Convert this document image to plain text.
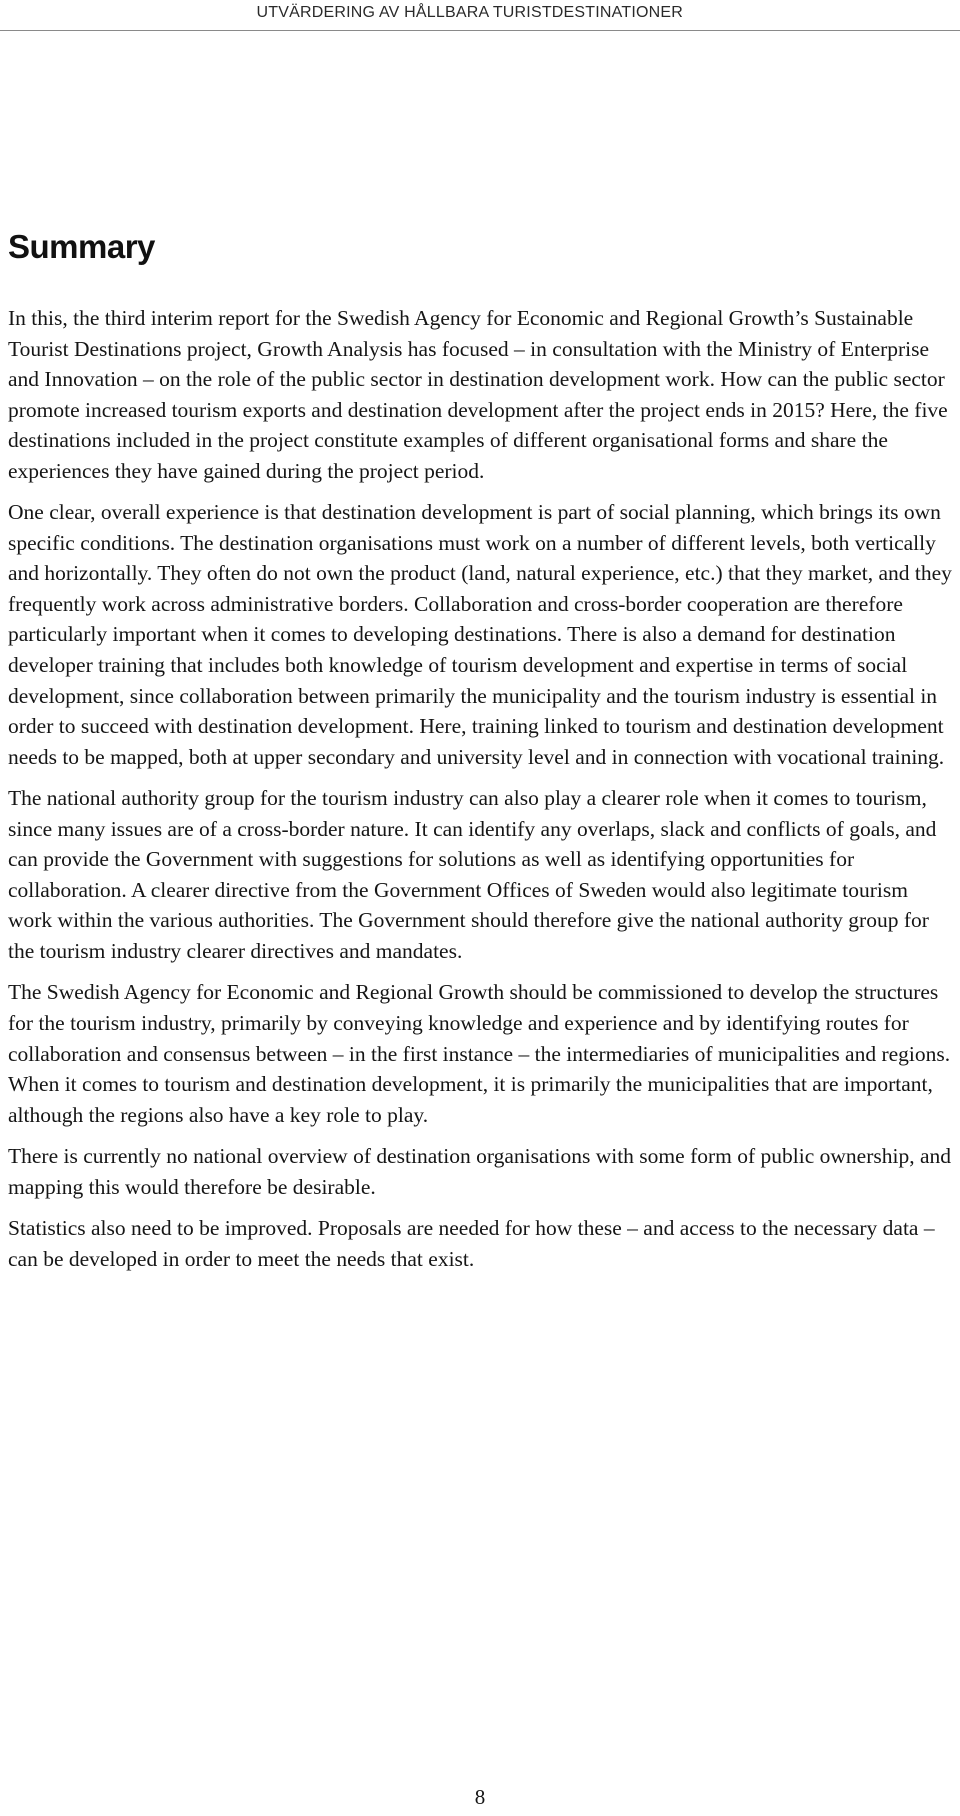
UTVÄRDERING AV HÅLLBARA TURISTDESTINATIONER
Summary

In this, the third interim report for the Swedish Agency for Economic and Regional Growth’s Sustainable Tourist Destinations project, Growth Analysis has focused – in consultation with the Ministry of Enterprise and Innovation – on the role of the public sector in destination development work. How can the public sector promote increased tourism exports and destination development after the project ends in 2015? Here, the five destinations included in the project constitute examples of different organisational forms and share the experiences they have gained during the project period.

One clear, overall experience is that destination development is part of social planning, which brings its own specific conditions. The destination organisations must work on a number of different levels, both vertically and horizontally. They often do not own the product (land, natural experience, etc.) that they market, and they frequently work across administrative borders. Collaboration and cross-border cooperation are therefore particularly important when it comes to developing destinations. There is also a demand for destination developer training that includes both knowledge of tourism development and expertise in terms of social development, since collaboration between primarily the municipality and the tourism industry is essential in order to succeed with destination development. Here, training linked to tourism and destination development needs to be mapped, both at upper secondary and university level and in connection with vocational training.

The national authority group for the tourism industry can also play a clearer role when it comes to tourism, since many issues are of a cross-border nature. It can identify any overlaps, slack and conflicts of goals, and can provide the Government with suggestions for solutions as well as identifying opportunities for collaboration. A clearer directive from the Government Offices of Sweden would also legitimate tourism work within the various authorities. The Government should therefore give the national authority group for the tourism industry clearer directives and mandates.

The Swedish Agency for Economic and Regional Growth should be commissioned to develop the structures for the tourism industry, primarily by conveying knowledge and experience and by identifying routes for collaboration and consensus between – in the first instance – the intermediaries of municipalities and regions. When it comes to tourism and destination development, it is primarily the municipalities that are important, although the regions also have a key role to play.

There is currently no national overview of destination organisations with some form of public ownership, and mapping this would therefore be desirable.

Statistics also need to be improved. Proposals are needed for how these – and access to the necessary data – can be developed in order to meet the needs that exist.

8
